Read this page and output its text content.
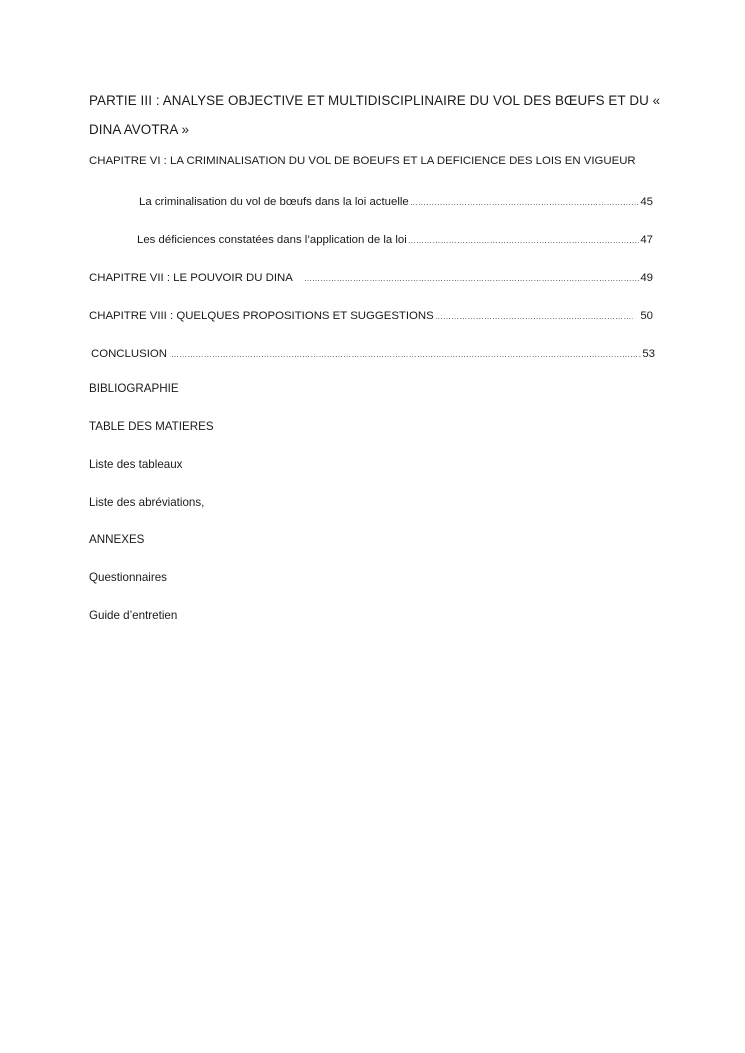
PARTIE III : ANALYSE OBJECTIVE ET MULTIDISCIPLINAIRE DU VOL DES BŒUFS ET DU « DINA AVOTRA »
CHAPITRE VI : LA CRIMINALISATION DU VOL DE BOEUFS ET LA DEFICIENCE DES LOIS EN VIGUEUR
La criminalisation du vol de bœufs dans la loi actuelle …………………………………………………………………………………………………………………………………………………………………………………………………………………………………………	45
Les déficiences constatées dans l’application de la loi …………………………………………………………………………………………………………………………………………………………………………………………………………………………………………	47
CHAPITRE VII : LE POUVOIR DU DINA …………………………………………………………………………………………………………………………………………………………………………………………………………………………………………	49
CHAPITRE VIII : QUELQUES PROPOSITIONS ET SUGGESTIONS …………………………………………………………………………………………………………………………………………………………………………………………………………………………………………	50
CONCLUSION …………………………………………………………………………………………………………………………………………………………………………………………………………………………………………	53
BIBLIOGRAPHIE
TABLE DES MATIERES
Liste des tableaux
Liste des abréviations,
ANNEXES
Questionnaires
Guide d’entretien
